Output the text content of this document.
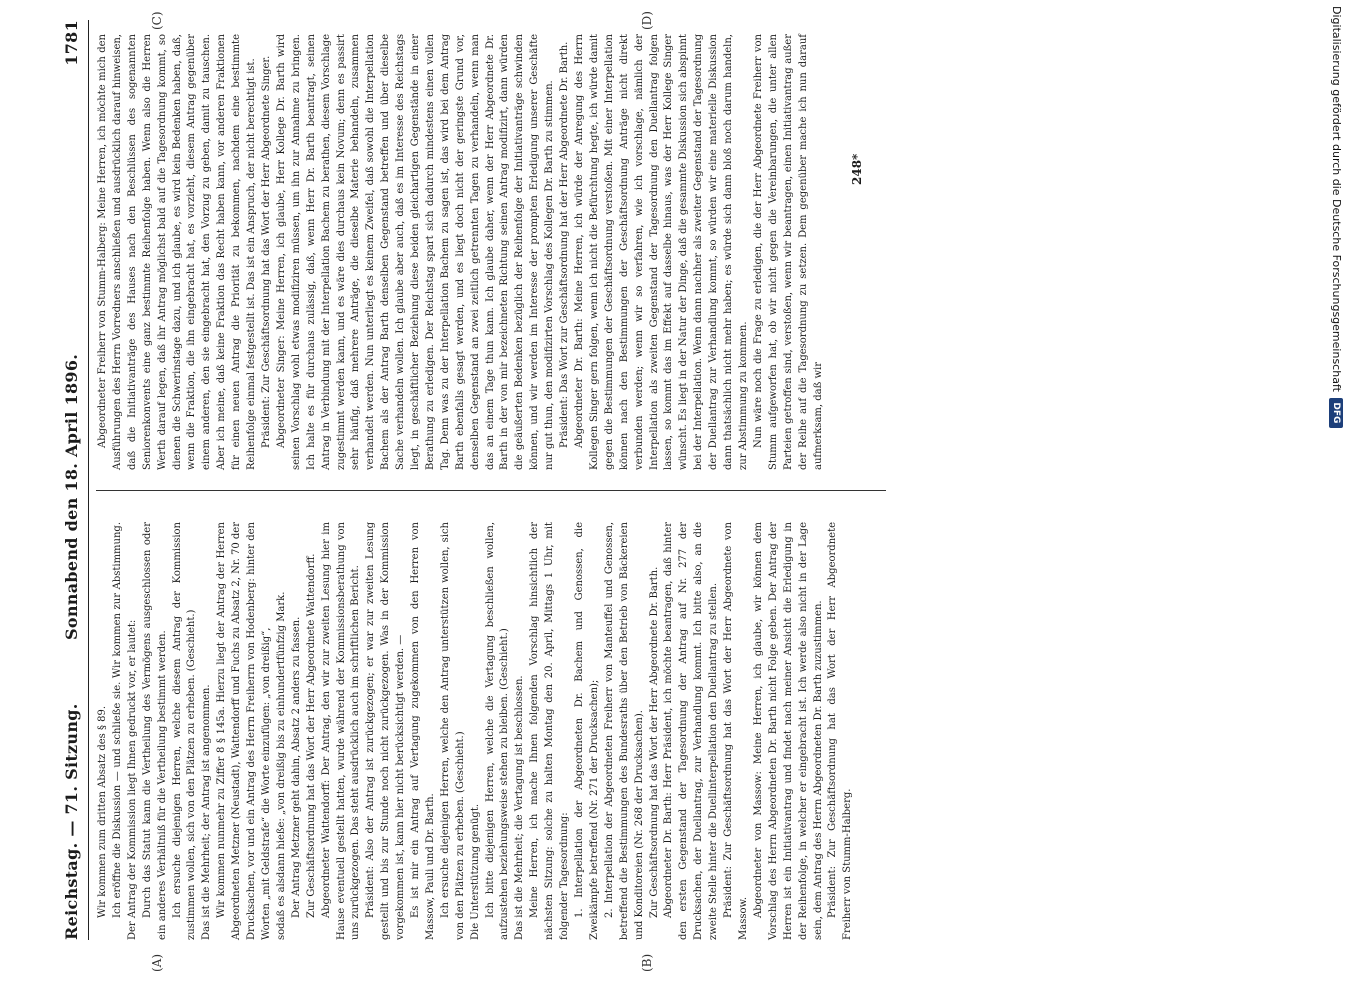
Reichstag. — 71. Sitzung.
Sonnabend den 18. April 1896.
1781
(A)	(B)
(C)	(D)

Wir kommen zum dritten Absatz des § 89. Ich eröffne die Diskussion — und schließe sie. Wir kommen zur Abstimmung. Der Antrag der Kommission liegt Ihnen gedruckt vor, er lautet: Durch das Statut kann die Vertheilung des Vermögens ausgeschlossen oder ein anderes Verhältniß für die Vertheilung bestimmt werden. Ich ersuche diejenigen Herren, welche diesem Antrag der Kommission zustimmen wollen, sich von den Plätzen zu erheben. (Geschieht.) Das ist die Mehrheit; der Antrag ist angenommen. Wir kommen nunmehr zu Ziffer 8 § 145a. Hierzu liegt der Antrag der Herren Abgeordneten Metzner (Neustadt), Wattendorff und Fuchs zu Absatz 2, Nr. 70 der Drucksachen, vor und ein Antrag des Herrn Freiherrn von Hodenberg: hinter den Worten „mit Geldstrafe“ die Worte einzufügen: „von dreißig“, sodaß es alsdann hieße: „von dreißig bis zu einhundertfünfzig Mark. Der Antrag Metzner geht dahin, Absatz 2 anders zu fassen. Zur Geschäftsordnung hat das Wort der Herr Abgeordnete Wattendorff. Abgeordneter Wattendorff: Der Antrag, den wir zur zweiten Lesung hier im Hause eventuell gestellt hatten, wurde während der Kommissionsberathung von uns zurückgezogen. Das steht ausdrücklich auch im schriftlichen Bericht. Präsident: Also der Antrag ist zurückgezogen; er war zur zweiten Lesung gestellt und bis zur Stunde noch nicht zurückgezogen. Was in der Kommission vorgekommen ist, kann hier nicht berücksichtigt werden. — Es ist mir ein Antrag auf Vertagung zugekommen von den Herren von Massow, Pauli und Dr. Barth. Ich ersuche diejenigen Herren, welche den Antrag unterstützen wollen, sich von den Plätzen zu erheben. (Geschieht.) Die Unterstützung genügt. Ich bitte diejenigen Herren, welche die Vertagung beschließen wollen, aufzustehen beziehungsweise stehen zu bleiben. (Geschieht.) Das ist die Mehrheit; die Vertagung ist beschlossen. Meine Herren, ich mache Ihnen folgenden Vorschlag hinsichtlich der nächsten Sitzung: solche zu halten Montag den 20. April, Mittags 1 Uhr, mit folgender Tagesordnung: 1. Interpellation der Abgeordneten Dr. Bachem und Genossen, die Zweikämpfe betreffend (Nr. 271 der Drucksachen); 2. Interpellation der Abgeordneten Freiherr von Manteuffel und Genossen, betreffend die Bestimmungen des Bundesraths über den Betrieb von Bäckereien und Konditoreien (Nr. 268 der Drucksachen). Zur Geschäftsordnung hat das Wort der Herr Abgeordnete Dr. Barth. Abgeordneter Dr. Barth: Herr Präsident, ich möchte beantragen, daß hinter den ersten Gegenstand der Tagesordnung der Antrag auf Nr. 277 der Drucksachen, der Duellantrag, zur Verhandlung kommt. Ich bitte also, an die zweite Stelle hinter die Duellinterpellation den Duellantrag zu stellen. Präsident: Zur Geschäftsordnung hat das Wort der Herr Abgeordnete von Massow.

Abgeordneter von Massow: Meine Herren, ich glaube, wir können dem Vorschlag des Herrn Abgeordneten Dr. Barth nicht Folge geben. Der Antrag der Herren ist ein Initiativantrag und findet nach meiner Ansicht die Erledigung in der Reihenfolge, in welcher er eingebracht ist. Ich werde also nicht in der Lage sein, dem Antrag des Herrn Abgeordneten Dr. Barth zuzustimmen. Präsident: Zur Geschäftsordnung hat das Wort der Herr Abgeordnete Freiherr von Stumm-Halberg.

Abgeordneter Freiherr von Stumm-Halberg: Meine Herren, ich möchte mich den Ausführungen des Herrn Vorredners anschließen und ausdrücklich darauf hinweisen, daß die Initiativanträge des Hauses nach den Beschlüssen des sogenannten Seniorenkonvents eine ganz bestimmte Reihenfolge haben. Wenn also die Herren Werth darauf legen, daß ihr Antrag möglichst bald auf die Tagesordnung kommt, so dienen die Schwerinstage dazu, und ich glaube, es wird kein Bedenken haben, daß, wenn die Fraktion, die ihn eingebracht hat, es vorzieht, diesem Antrag gegenüber einem anderen, den sie eingebracht hat, den Vorzug zu geben, damit zu tauschen. Aber ich meine, daß keine Fraktion das Recht haben kann, vor anderen Fraktionen für einen neuen Antrag die Priorität zu bekommen, nachdem eine bestimmte Reihenfolge einmal festgestellt ist. Das ist ein Anspruch, der nicht berechtigt ist. Präsident: Zur Geschäftsordnung hat das Wort der Herr Abgeordnete Singer. Abgeordneter Singer: Meine Herren, ich glaube, Herr Kollege Dr. Barth wird seinen Vorschlag wohl etwas modifiziren müssen, um ihn zur Annahme zu bringen. Ich halte es für durchaus zulässig, daß, wenn Herr Dr. Barth beantragt, seinen Antrag in Verbindung mit der Interpellation Bachem zu berathen, diesem Vorschlage zugestimmt werden kann, und es wäre dies durchaus kein Novum; denn es passirt sehr häufig, daß mehrere Anträge, die dieselbe Materie behandeln, zusammen verhandelt werden. Nun unterliegt es keinem Zweifel, daß sowohl die Interpellation Bachem als der Antrag Barth denselben Gegenstand betreffen und über dieselbe Sache verhandeln wollen. Ich glaube aber auch, daß es im Interesse des Reichstags liegt, in geschäftlicher Beziehung diese beiden gleichartigen Gegenstände in einer Berathung zu erledigen. Der Reichstag spart sich dadurch mindestens einen vollen Tag. Denn was zu der Interpellation Bachem zu sagen ist, das wird bei dem Antrag Barth ebenfalls gesagt werden, und es liegt doch nicht der geringste Grund vor, denselben Gegenstand an zwei zeitlich getrennten Tagen zu verhandeln, wenn man das an einem Tage thun kann. Ich glaube daher, wenn der Herr Abgeordnete Dr. Barth in der von mir bezeichneten Richtung seinen Antrag modifizirt, dann würden die geäußerten Bedenken bezüglich der Reihenfolge der Initiativanträge schwinden können, und wir werden im Interesse der prompten Erledigung unserer Geschäfte nur gut thun, den modifizirten Vorschlag des Kollegen Dr. Barth zu stimmen. Präsident: Das Wort zur Geschäftsordnung hat der Herr Abgeordnete Dr. Barth. Abgeordneter Dr. Barth: Meine Herren, ich würde der Anregung des Herrn Kollegen Singer gern folgen, wenn ich nicht die Befürchtung hegte, ich würde damit gegen die Bestimmungen der Geschäftsordnung verstoßen. Mit einer Interpellation können nach den Bestimmungen der Geschäftsordnung Anträge nicht direkt verbunden werden; wenn wir so verfahren, wie ich vorschlage, nämlich der Interpellation als zweiten Gegenstand der Tagesordnung den Duellantrag folgen lassen, so kommt das im Effekt auf dasselbe hinaus, was der Herr Kollege Singer wünscht. Es liegt in der Natur der Dinge, daß die gesammte Diskussion sich abspinnt bei der Interpellation. Wenn dann nachher als zweiter Gegenstand der Tagesordnung der Duellantrag zur Verhandlung kommt, so würden wir eine materielle Diskussion dann thatsächlich nicht mehr haben; es würde sich dann bloß noch darum handeln, zur Abstimmung zu kommen. Nun wäre noch die Frage zu erledigen, die der Herr Abgeordnete Freiherr von Stumm aufgeworfen hat, ob wir nicht gegen die Vereinbarungen, die unter allen Parteien getroffen sind, verstoßen, wenn wir beantragen, einen Initiativantrag außer der Reihe auf die Tagesordnung zu setzen. Dem gegenüber mache ich nun darauf aufmerksam, daß wir

248*	Digitalisierung gefördert durch die Deutsche Forschungsgemeinschaft
DFG
